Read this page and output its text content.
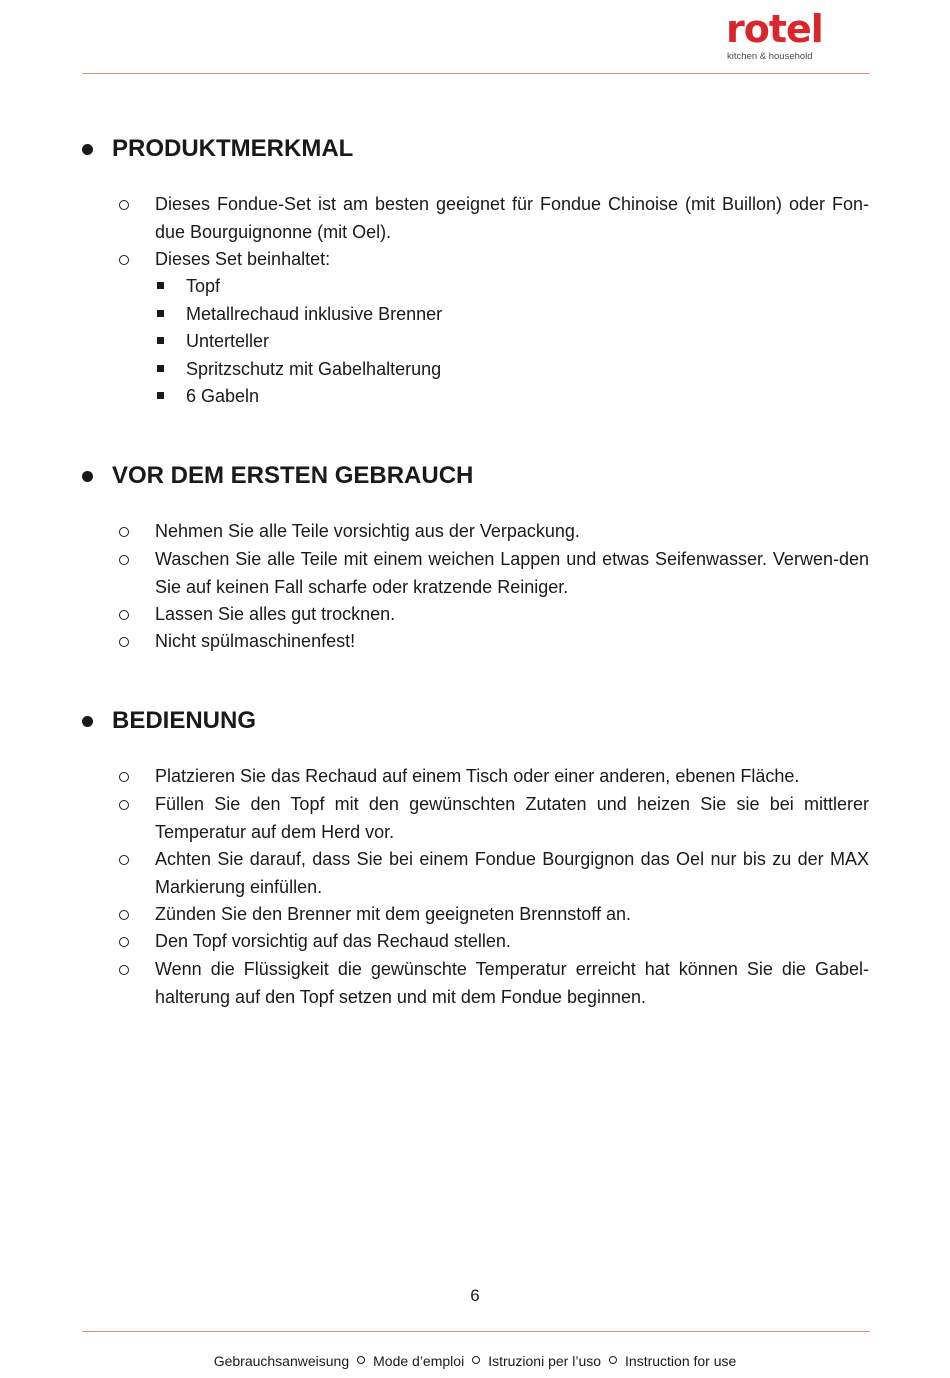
rotel
kitchen & household
PRODUKTMERKMAL

Dieses Fondue-Set ist am besten geeignet für Fondue Chinoise (mit Buillon) oder Fon-due Bourguignonne (mit Oel).

Dieses Set beinhaltet:

Topf

Metallrechaud inklusive Brenner

Unterteller

Spritzschutz mit Gabelhalterung

6 Gabeln

VOR DEM ERSTEN GEBRAUCH

Nehmen Sie alle Teile vorsichtig aus der Verpackung.

Waschen Sie alle Teile mit einem weichen Lappen und etwas Seifenwasser. Verwen-den Sie auf keinen Fall scharfe oder kratzende Reiniger.

Lassen Sie alles gut trocknen.

Nicht spülmaschinenfest!

BEDIENUNG

Platzieren Sie das Rechaud auf einem Tisch oder einer anderen, ebenen Fläche.

Füllen Sie den Topf mit den gewünschten Zutaten und heizen Sie sie bei mittlerer Temperatur auf dem Herd vor.

Achten Sie darauf, dass Sie bei einem Fondue Bourgignon das Oel nur bis zu der MAX Markierung einfüllen.

Zünden Sie den Brenner mit dem geeigneten Brennstoff an.

Den Topf vorsichtig auf das Rechaud stellen.

Wenn die Flüssigkeit die gewünschte Temperatur erreicht hat können Sie die Gabel-halterung auf den Topf setzen und mit dem Fondue beginnen.

6
Gebrauchsanweisung Mode d’emploi Istruzioni per l’uso Instruction for use
